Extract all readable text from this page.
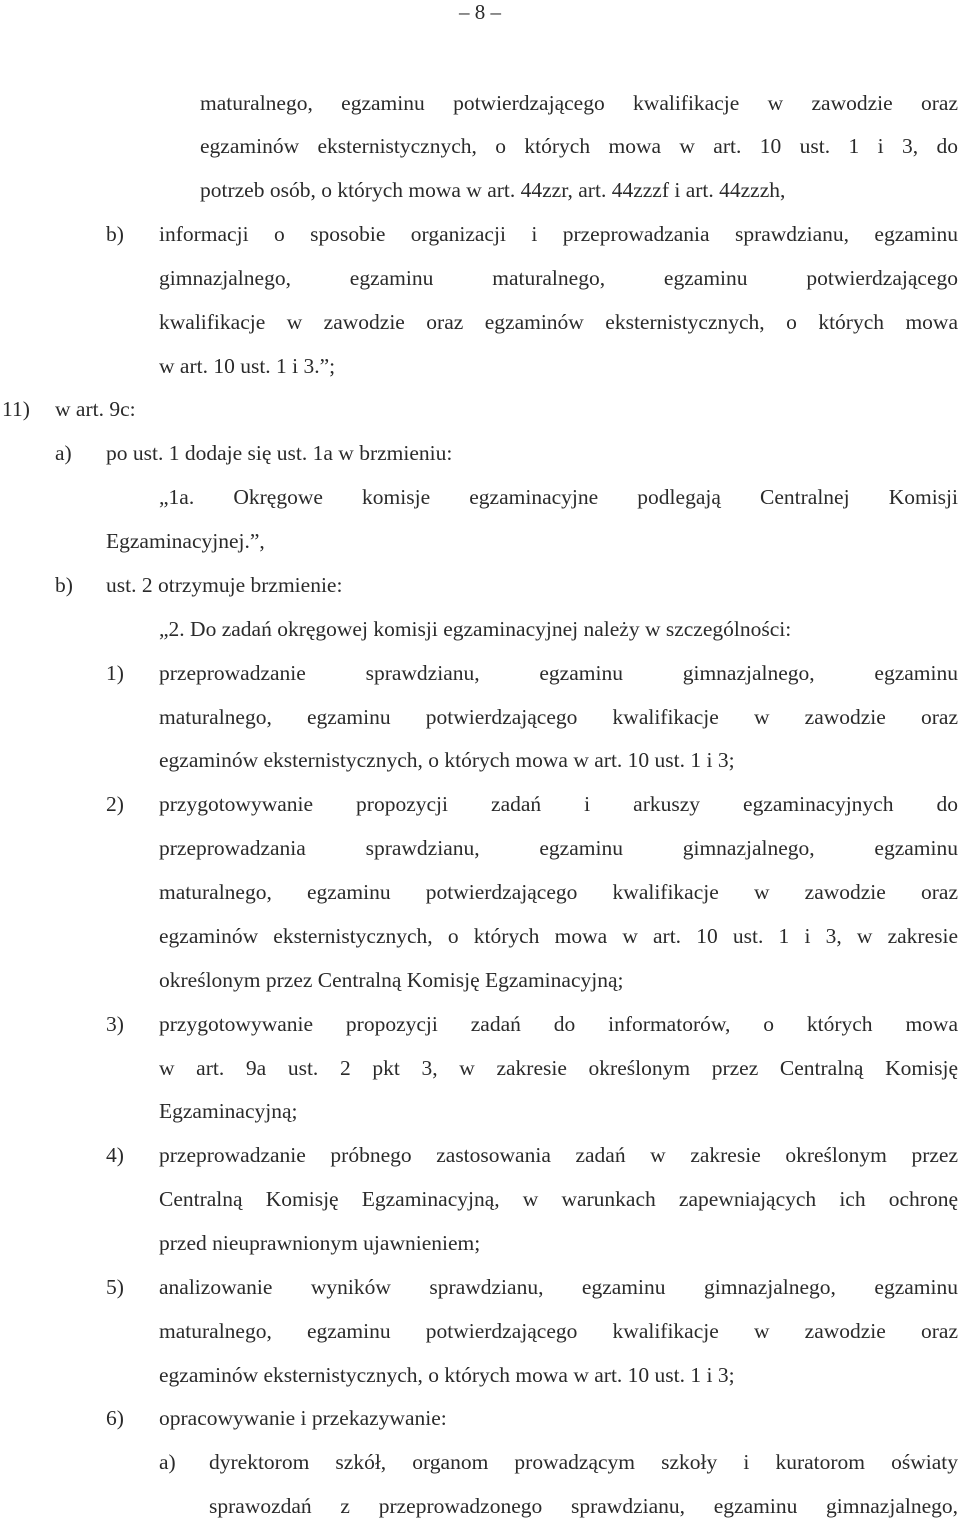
– 8 –
maturalnego, egzaminu potwierdzającego kwalifikacje w zawodzie oraz
egzaminów eksternistycznych, o których mowa w art. 10 ust. 1 i 3, do
potrzeb osób, o których mowa w art. 44zzr, art. 44zzzf i art. 44zzzh,
b) informacji o sposobie organizacji i przeprowadzania sprawdzianu, egzaminu
gimnazjalnego, egzaminu maturalnego, egzaminu potwierdzającego
kwalifikacje w zawodzie oraz egzaminów eksternistycznych, o których mowa
w art. 10 ust. 1 i 3.”;
11) w art. 9c:
a) po ust. 1 dodaje się ust. 1a w brzmieniu:
„1a. Okręgowe komisje egzaminacyjne podlegają Centralnej Komisji
Egzaminacyjnej.”,
b) ust. 2 otrzymuje brzmienie:
„2. Do zadań okręgowej komisji egzaminacyjnej należy w szczególności:
1) przeprowadzanie sprawdzianu, egzaminu gimnazjalnego, egzaminu
maturalnego, egzaminu potwierdzającego kwalifikacje w zawodzie oraz
egzaminów eksternistycznych, o których mowa w art. 10 ust. 1 i 3;
2) przygotowywanie propozycji zadań i arkuszy egzaminacyjnych do
przeprowadzania sprawdzianu, egzaminu gimnazjalnego, egzaminu
maturalnego, egzaminu potwierdzającego kwalifikacje w zawodzie oraz
egzaminów eksternistycznych, o których mowa w art. 10 ust. 1 i 3, w zakresie
określonym przez Centralną Komisję Egzaminacyjną;
3) przygotowywanie propozycji zadań do informatorów, o których mowa
w art. 9a ust. 2 pkt 3, w zakresie określonym przez Centralną Komisję
Egzaminacyjną;
4) przeprowadzanie próbnego zastosowania zadań w zakresie określonym przez
Centralną Komisję Egzaminacyjną, w warunkach zapewniających ich ochronę
przed nieuprawnionym ujawnieniem;
5) analizowanie wyników sprawdzianu, egzaminu gimnazjalnego, egzaminu
maturalnego, egzaminu potwierdzającego kwalifikacje w zawodzie oraz
egzaminów eksternistycznych, o których mowa w art. 10 ust. 1 i 3;
6) opracowywanie i przekazywanie:
a) dyrektorom szkół, organom prowadzącym szkoły i kuratorom oświaty
sprawozdań z przeprowadzonego sprawdzianu, egzaminu gimnazjalnego,
